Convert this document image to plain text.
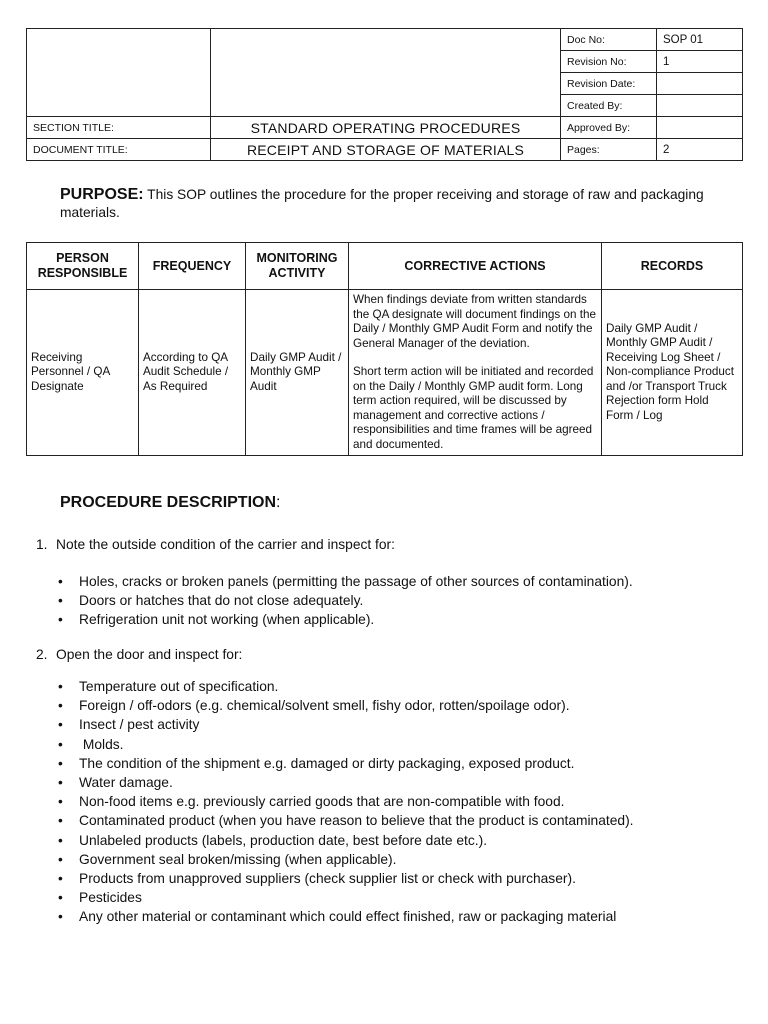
		Doc No:	SOP 01
		Revision No:	1
		Revision Date:	
		Created By:	
SECTION TITLE:	STANDARD OPERATING PROCEDURES	Approved By:	
DOCUMENT TITLE:	RECEIPT AND STORAGE OF MATERIALS	Pages:	2
PURPOSE: This SOP outlines the procedure for the proper receiving and storage of raw and packaging materials.
PERSON RESPONSIBLE	FREQUENCY	MONITORING ACTIVITY	CORRECTIVE ACTIONS	RECORDS
Receiving Personnel / QA Designate	According to QA Audit Schedule / As Required	Daily GMP Audit / Monthly GMP Audit	When findings deviate from written standards the QA designate will document findings on the Daily / Monthly GMP Audit Form and notify the General Manager of the deviation.

Short term action will be initiated and recorded on the Daily / Monthly GMP audit form. Long term action required, will be discussed by management and corrective actions / responsibilities and time frames will be agreed and documented.	Daily GMP Audit / Monthly GMP Audit / Receiving Log Sheet / Non-compliance Product and /or Transport Truck Rejection form Hold Form / Log
PROCEDURE DESCRIPTION:
1. Note the outside condition of the carrier and inspect for:
• Holes, cracks or broken panels (permitting the passage of other sources of contamination).
• Doors or hatches that do not close adequately.
• Refrigeration unit not working (when applicable).
2. Open the door and inspect for:
• Temperature out of specification.
• Foreign / off-odors (e.g. chemical/solvent smell, fishy odor, rotten/spoilage odor).
• Insect / pest activity
• Molds.
• The condition of the shipment e.g. damaged or dirty packaging, exposed product.
• Water damage.
• Non-food items e.g. previously carried goods that are non-compatible with food.
• Contaminated product (when you have reason to believe that the product is contaminated).
• Unlabeled products (labels, production date, best before date etc.).
• Government seal broken/missing (when applicable).
• Products from unapproved suppliers (check supplier list or check with purchaser).
• Pesticides
• Any other material or contaminant which could effect finished, raw or packaging material
